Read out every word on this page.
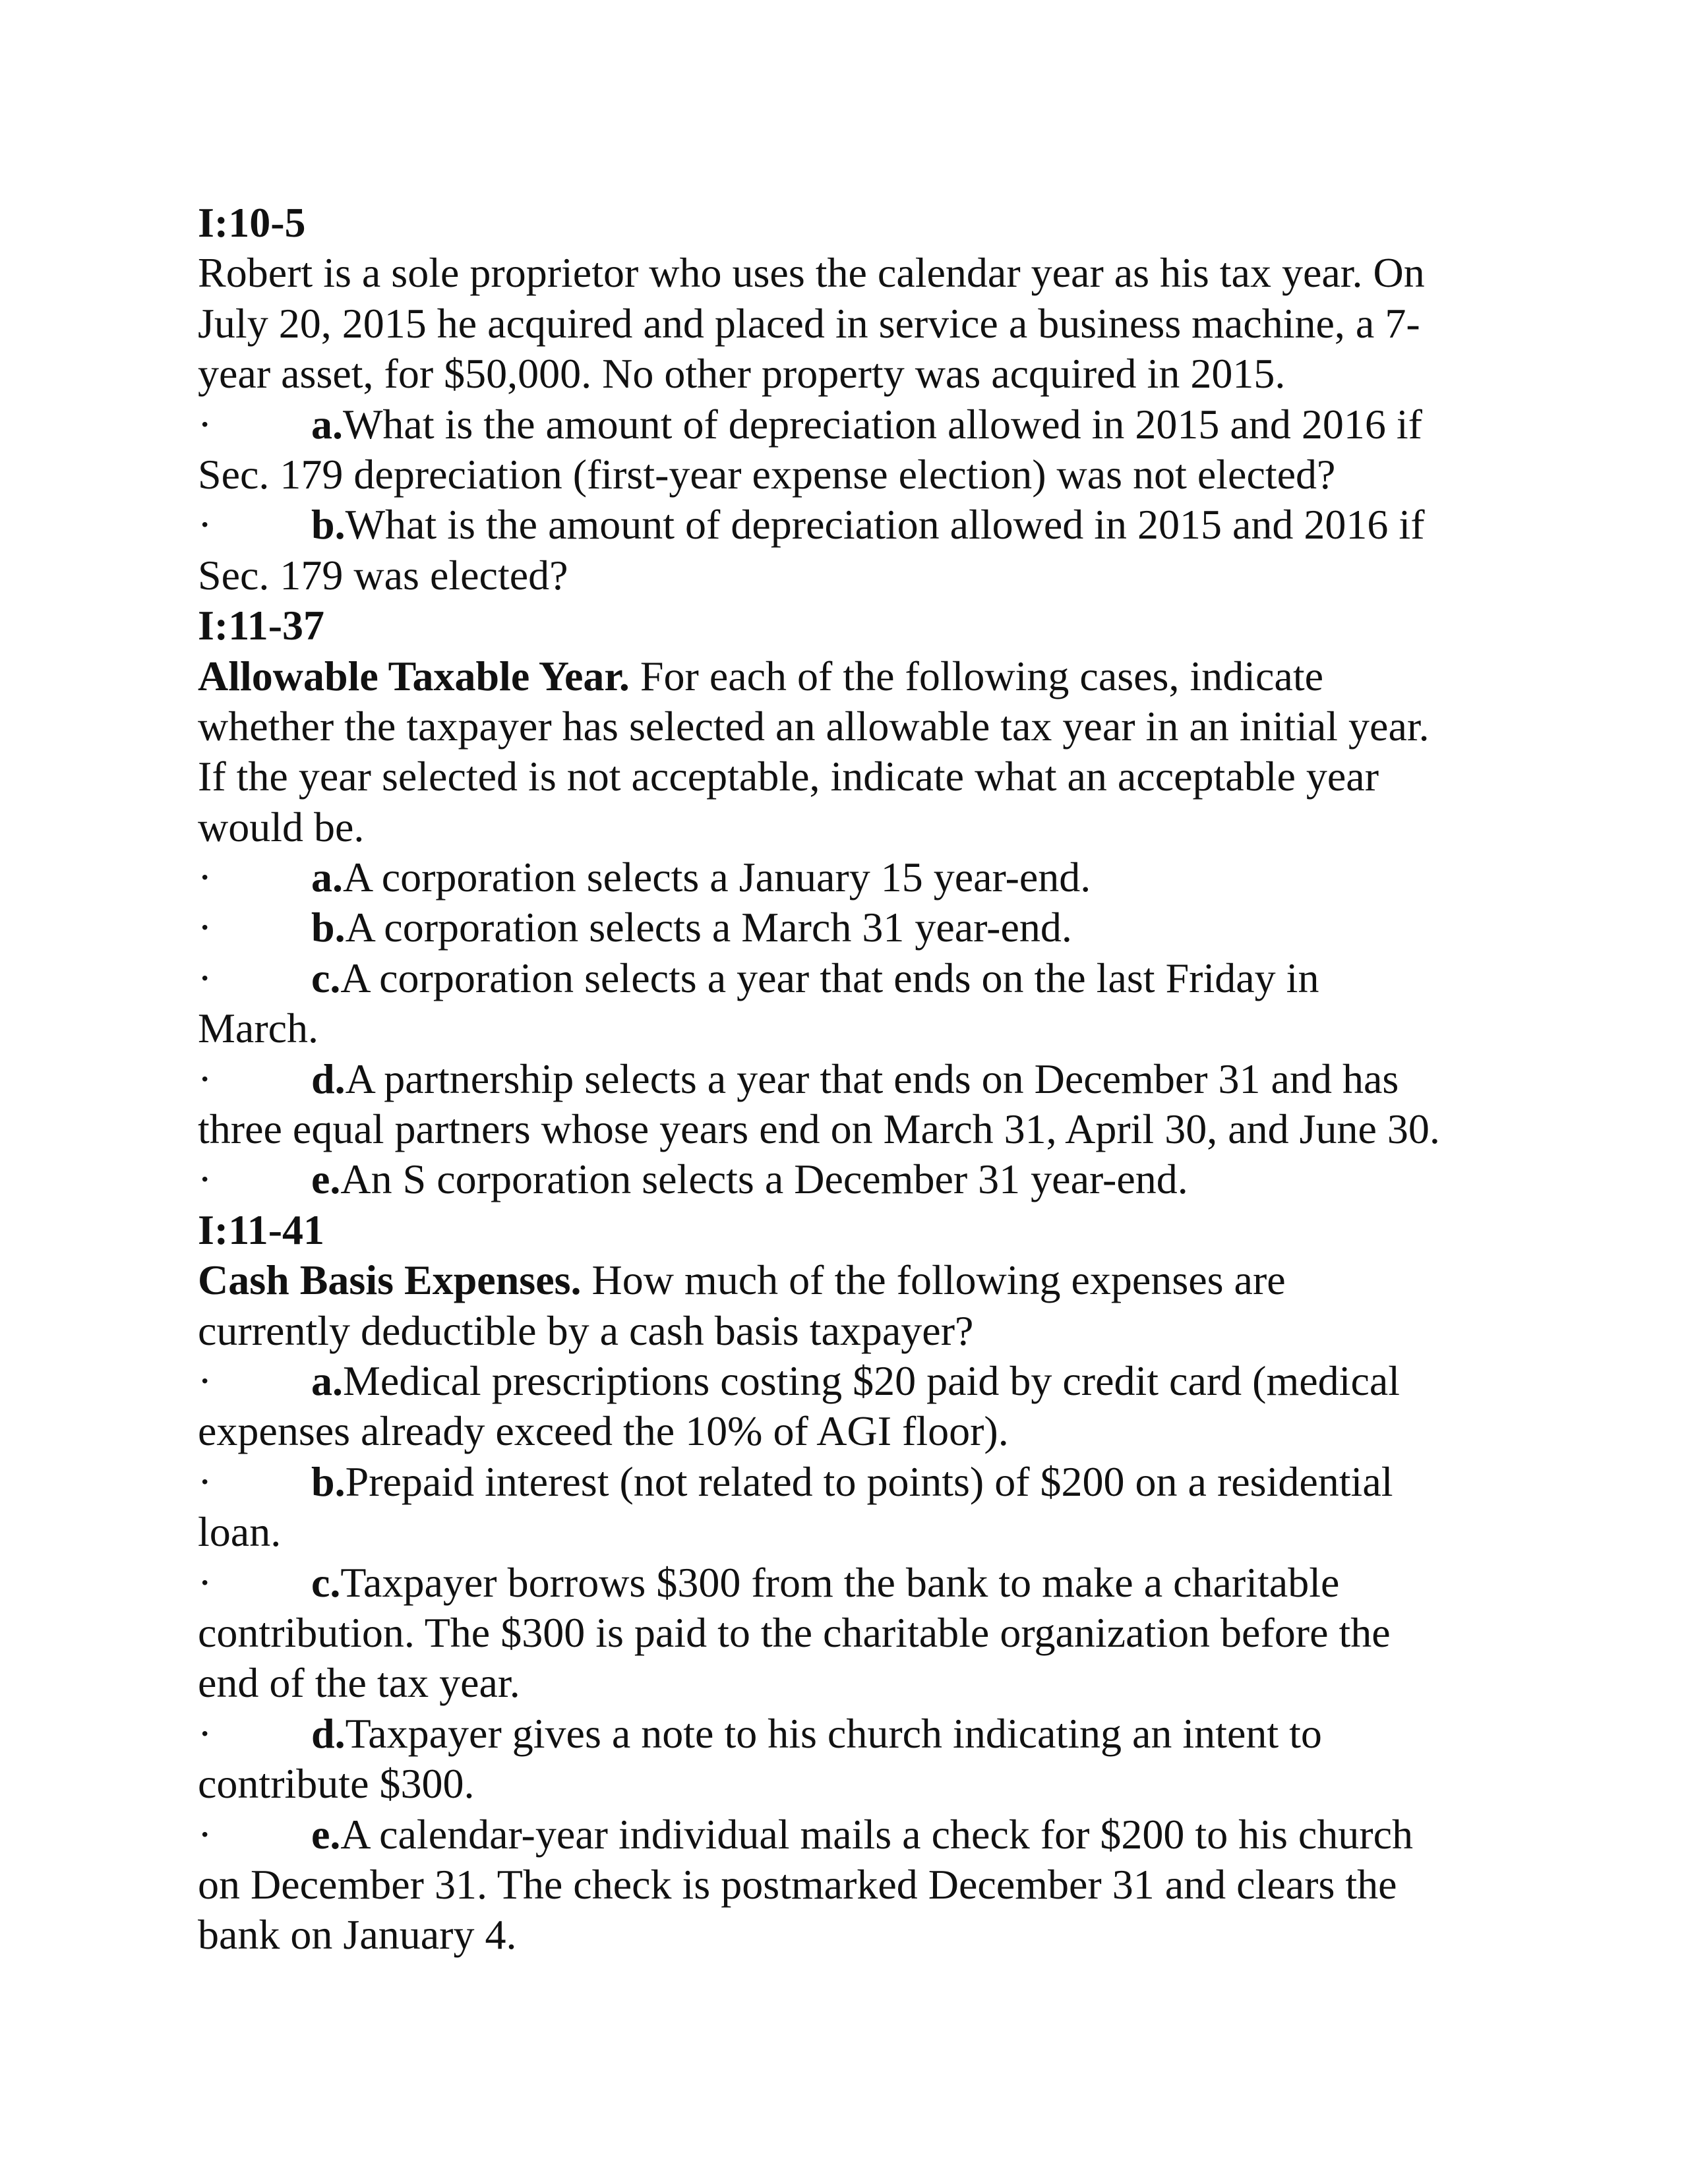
I:10-5
Robert is a sole proprietor who uses the calendar year as his tax year. On
July 20, 2015 he acquired and placed in service a business machine, a 7-
year asset, for $50,000. No other property was acquired in 2015.
· a.What is the amount of depreciation allowed in 2015 and 2016 if
Sec. 179 depreciation (first-year expense election) was not elected?
· b.What is the amount of depreciation allowed in 2015 and 2016 if
Sec. 179 was elected?
I:11-37
Allowable Taxable Year. For each of the following cases, indicate
whether the taxpayer has selected an allowable tax year in an initial year.
If the year selected is not acceptable, indicate what an acceptable year
would be.
· a.A corporation selects a January 15 year-end.
· b.A corporation selects a March 31 year-end.
· c.A corporation selects a year that ends on the last Friday in
March.
· d.A partnership selects a year that ends on December 31 and has
three equal partners whose years end on March 31, April 30, and June 30.
· e.An S corporation selects a December 31 year-end.
I:11-41
Cash Basis Expenses. How much of the following expenses are
currently deductible by a cash basis taxpayer?
· a.Medical prescriptions costing $20 paid by credit card (medical
expenses already exceed the 10% of AGI floor).
· b.Prepaid interest (not related to points) of $200 on a residential
loan.
· c.Taxpayer borrows $300 from the bank to make a charitable
contribution. The $300 is paid to the charitable organization before the
end of the tax year.
· d.Taxpayer gives a note to his church indicating an intent to
contribute $300.
· e.A calendar-year individual mails a check for $200 to his church
on December 31. The check is postmarked December 31 and clears the
bank on January 4.
